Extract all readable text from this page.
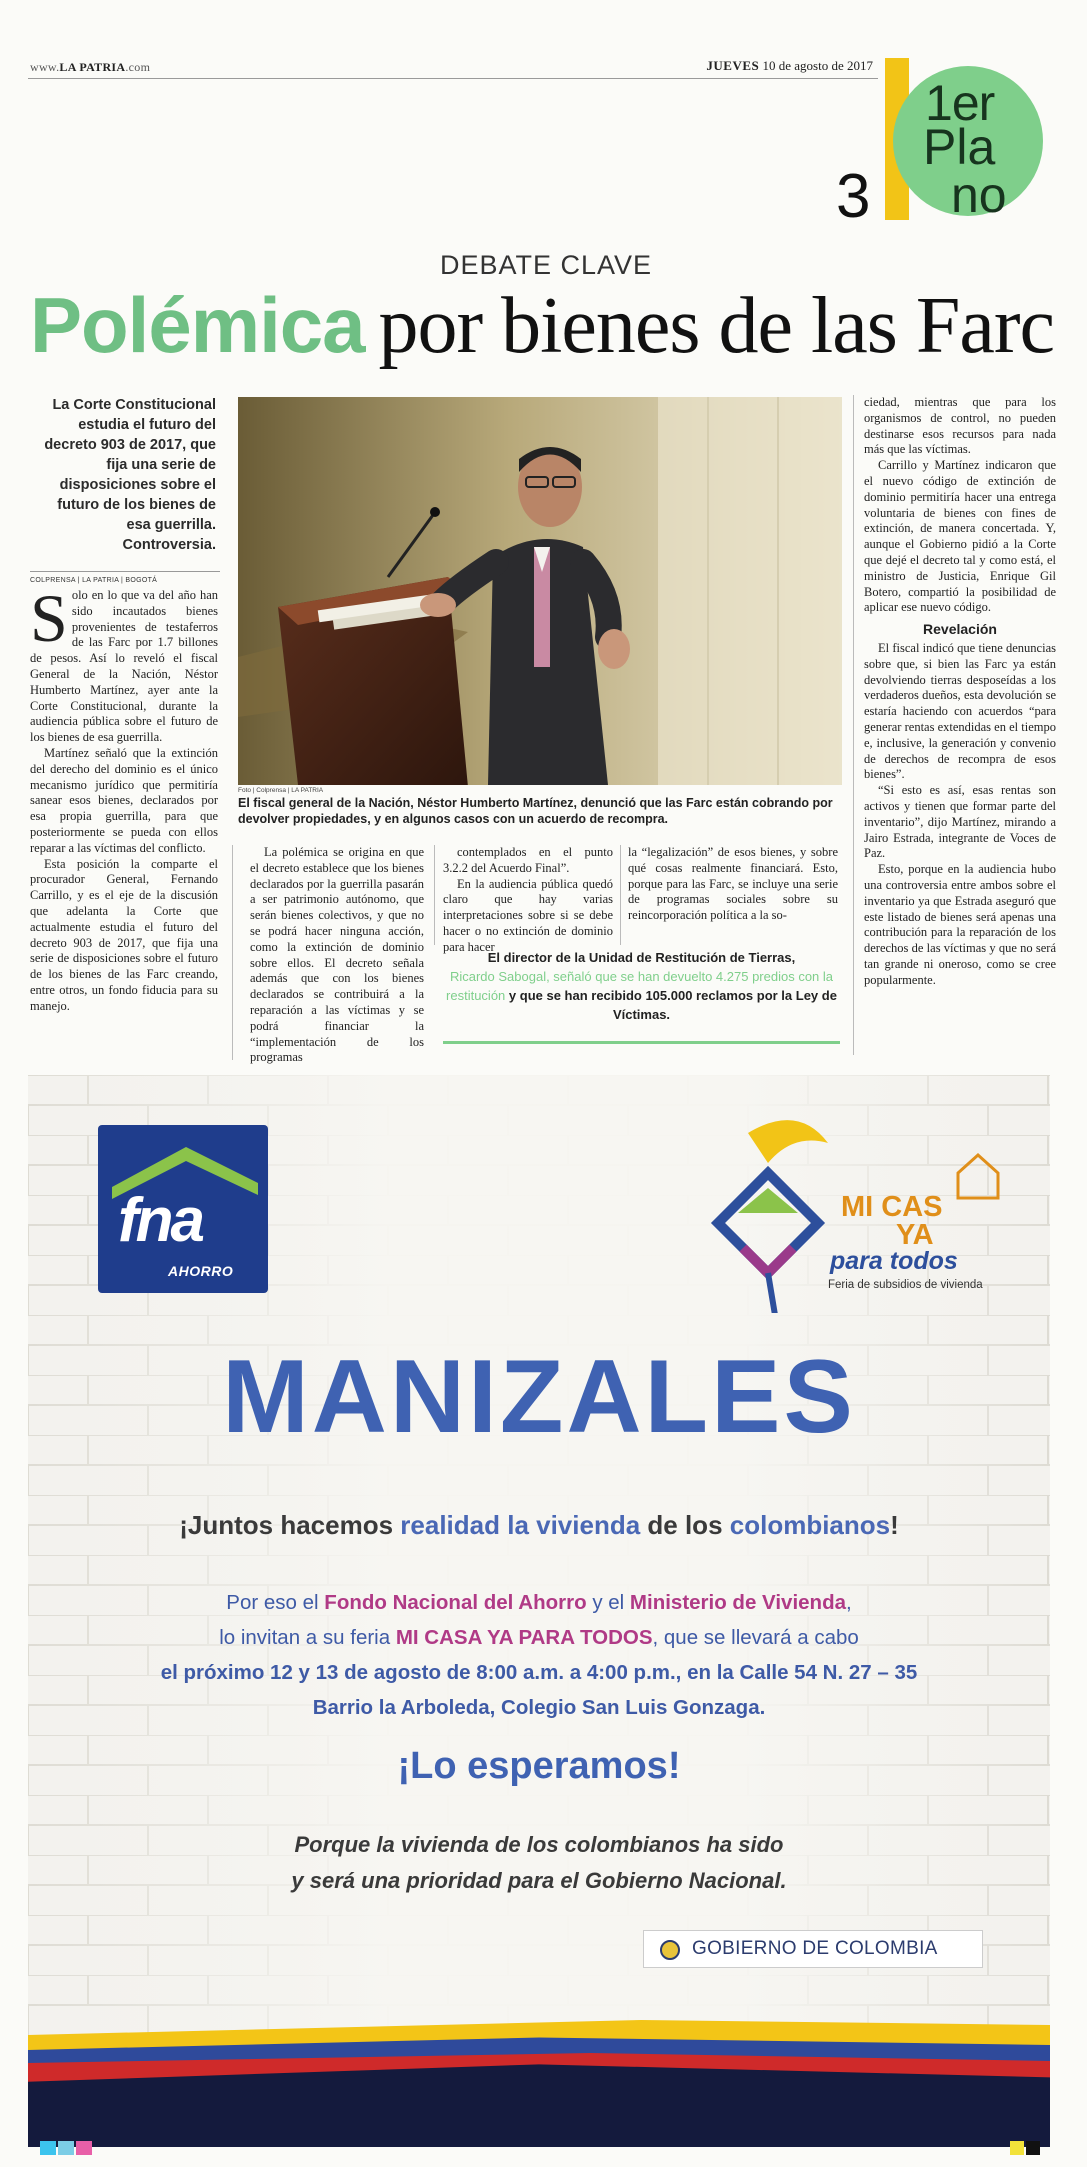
www.LA PATRIA.com	JUEVES 10 de agosto de 2017
3
1er
Pla
no
DEBATE CLAVE
Polémica por bienes de las Farc
La Corte Constitucional estudia el futuro del decreto 903 de 2017, que fija una serie de disposiciones sobre el futuro de los bienes de esa guerrilla. Controversia.
COLPRENSA | LA PATRIA | BOGOTÁ

Solo en lo que va del año han sido incautados bienes provenientes de testaferros de las Farc por 1.7 billones de pesos. Así lo reveló el fiscal General de la Nación, Néstor Humberto Martínez, ayer ante la Corte Constitucional, durante la audiencia pública sobre el futuro de los bienes de esa guerrilla.

Martínez señaló que la extinción del derecho del dominio es el único mecanismo jurídico que permitiría sanear esos bienes, declarados por esa propia guerrilla, para que posteriormente se pueda con ellos reparar a las víctimas del conflicto.

Esta posición la comparte el procurador General, Fernando Carrillo, y es el eje de la discusión que adelanta la Corte que actualmente estudia el futuro del decreto 903 de 2017, que fija una serie de disposiciones sobre el futuro de los bienes de las Farc creando, entre otros, un fondo fiducia para su manejo.

Foto | Colprensa | LA PATRIA
El fiscal general de la Nación, Néstor Humberto Martínez, denunció que las Farc están cobrando por devolver propiedades, y en algunos casos con un acuerdo de recompra.

La polémica se origina en que el decreto establece que los bienes declarados por la guerrilla pasarán a ser patrimonio autónomo, que serán bienes colectivos, y que no se podrá hacer ninguna acción, como la extinción de dominio sobre ellos. El decreto señala además que con los bienes declarados se contribuirá a la reparación a las víctimas y se podrá financiar la “implementación de los programas

contemplados en el punto 3.2.2 del Acuerdo Final”.

En la audiencia pública quedó claro que hay varias interpretaciones sobre si se debe hacer o no extinción de dominio para hacer

la “legalización” de esos bienes, y sobre qué cosas realmente financiará. Esto, porque para las Farc, se incluye una serie de programas sociales sobre su reincorporación política a la so-

El director de la Unidad de Restitución de Tierras,
Ricardo Sabogal, señaló que se han devuelto 4.275 predios con la restitución y que se han recibido 105.000 reclamos por la Ley de Víctimas.

ciedad, mientras que para los organismos de control, no pueden destinarse esos recursos para nada más que las víctimas.

Carrillo y Martínez indicaron que el nuevo código de extinción de dominio permitiría hacer una entrega voluntaria de bienes con fines de extinción, de manera concertada. Y, aunque el Gobierno pidió a la Corte que dejé el decreto tal y como está, el ministro de Justicia, Enrique Gil Botero, compartió la posibilidad de aplicar ese nuevo código.

Revelación

El fiscal indicó que tiene denuncias sobre que, si bien las Farc ya están devolviendo tierras desposeídas a los verdaderos dueños, esta devolución se estaría haciendo con acuerdos “para generar rentas extendidas en el tiempo e, inclusive, la generación y convenio de derechos de recompra de esos bienes”.

“Si esto es así, esas rentas son activos y tienen que formar parte del inventario”, dijo Martínez, mirando a Jairo Estrada, integrante de Voces de Paz.

Esto, porque en la audiencia hubo una controversia entre ambos sobre el inventario ya que Estrada aseguró que este listado de bienes será apenas una contribución para la reparación de los derechos de las víctimas y que no será tan grande ni oneroso, como se cree popularmente.

fna
AHORRO
MI CAS
YA
para todos
Feria de subsidios de vivienda
MANIZALES
¡Juntos hacemos realidad la vivienda de los colombianos!
Por eso el Fondo Nacional del Ahorro y el Ministerio de Vivienda,
lo invitan a su feria MI CASA YA PARA TODOS, que se llevará a cabo
el próximo 12 y 13 de agosto de 8:00 a.m. a 4:00 p.m., en la Calle 54 N. 27 – 35
Barrio la Arboleda, Colegio San Luis Gonzaga.
¡Lo esperamos!
Porque la vivienda de los colombianos ha sido
y será una prioridad para el Gobierno Nacional.
GOBIERNO DE COLOMBIA
